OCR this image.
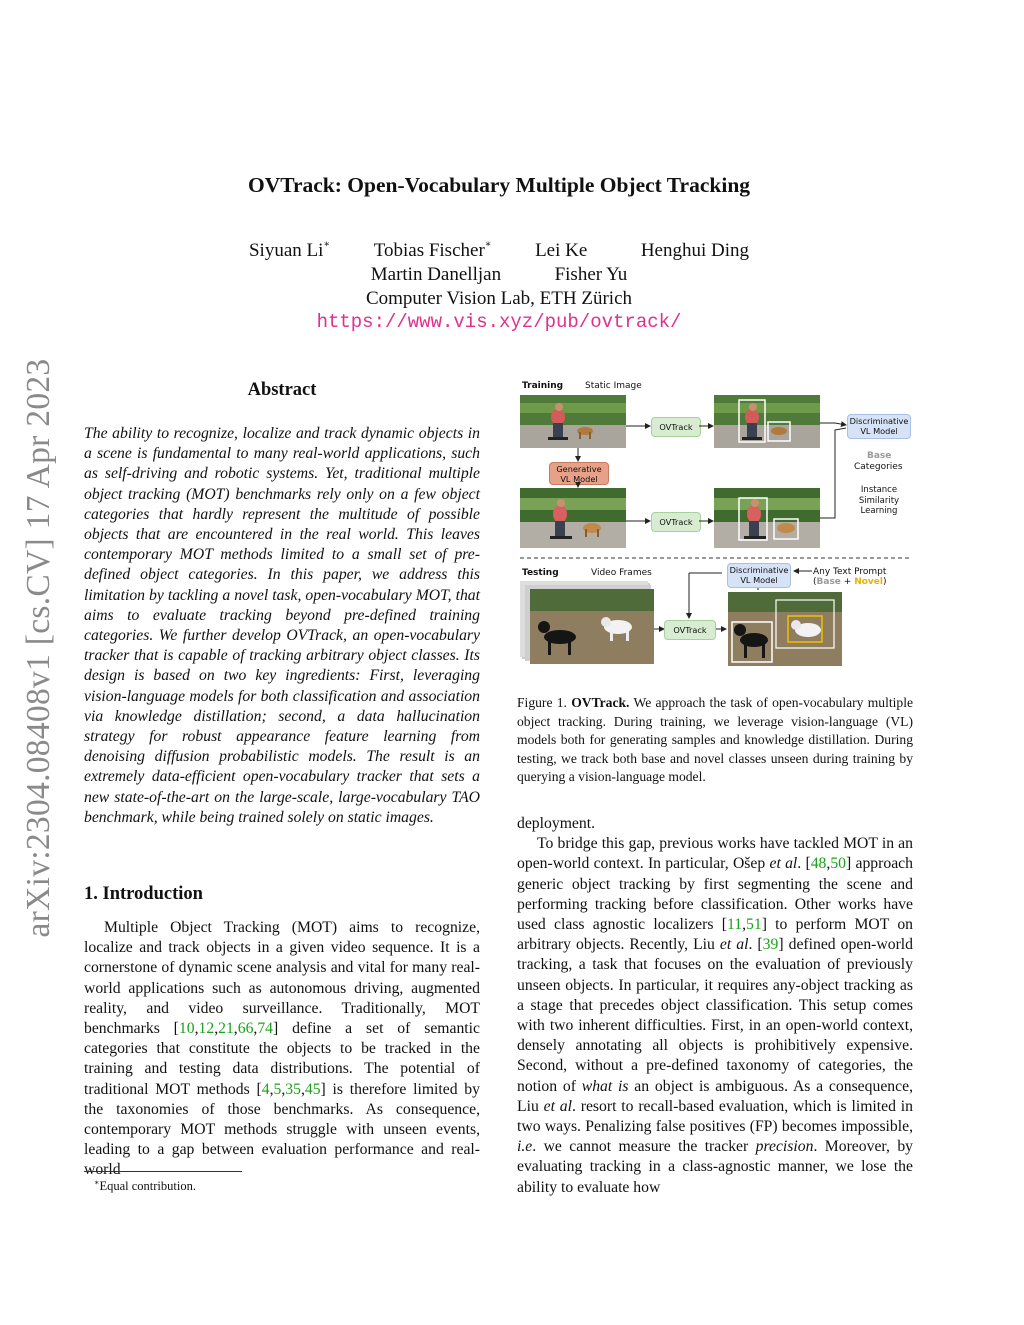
arXiv:2304.08408v1 [cs.CV] 17 Apr 2023
OVTrack: Open-Vocabulary Multiple Object Tracking
Siyuan Li∗ Tobias Fischer∗ Lei Ke	Henghui Ding
Martin Danelljan	Fisher Yu
Computer Vision Lab, ETH Zürich
https://www.vis.xyz/pub/ovtrack/
Abstract
The ability to recognize, localize and track dynamic objects in a scene is fundamental to many real-world applications, such as self-driving and robotic systems. Yet, traditional multiple object tracking (MOT) benchmarks rely only on a few object categories that hardly represent the multitude of possible objects that are encountered in the real world. This leaves contemporary MOT methods limited to a small set of pre-defined object categories. In this paper, we address this limitation by tackling a novel task, open-vocabulary MOT, that aims to evaluate tracking beyond pre-defined training categories. We further develop OVTrack, an open-vocabulary tracker that is capable of tracking arbitrary object classes. Its design is based on two key ingredients: First, leveraging vision-language models for both classification and association via knowledge distillation; second, a data hallucination strategy for robust appearance feature learning from denoising diffusion probabilistic models. The result is an extremely data-efficient open-vocabulary tracker that sets a new state-of-the-art on the large-scale, large-vocabulary TAO benchmark, while being trained solely on static images.
1. Introduction
Multiple Object Tracking (MOT) aims to recognize, localize and track objects in a given video sequence. It is a cornerstone of dynamic scene analysis and vital for many real-world applications such as autonomous driving, augmented reality, and video surveillance. Traditionally, MOT benchmarks [10,12,21,66,74] define a set of semantic categories that constitute the objects to be tracked in the training and testing data distributions. The potential of traditional MOT methods [4,5,35,45] is therefore limited by the taxonomies of those benchmarks. As consequence, contemporary MOT methods struggle with unseen events, leading to a gap between evaluation performance and real-world
∗Equal contribution.
Training Static Image
OVTrack
OVTrack
Generative VL Model
Discriminative VL Model
Base
Categories
Instance Similarity Learning
Testing	Video Frames
OVTrack
Discriminative VL Model
Any Text Prompt
(Base + Novel)
Figure 1. OVTrack. We approach the task of open-vocabulary multiple object tracking. During training, we leverage vision-language (VL) models both for generating samples and knowledge distillation. During testing, we track both base and novel classes unseen during training by querying a vision-language model.
deployment.
To bridge this gap, previous works have tackled MOT in an open-world context. In particular, Ošep et al. [48,50] approach generic object tracking by first segmenting the scene and performing tracking before classification. Other works have used class agnostic localizers [11,51] to perform MOT on arbitrary objects. Recently, Liu et al. [39] defined open-world tracking, a task that focuses on the evaluation of previously unseen objects. In particular, it requires any-object tracking as a stage that precedes object classification. This setup comes with two inherent difficulties. First, in an open-world context, densely annotating all objects is prohibitively expensive. Second, without a pre-defined taxonomy of categories, the notion of what is an object is ambiguous. As a consequence, Liu et al. resort to recall-based evaluation, which is limited in two ways. Penalizing false positives (FP) becomes impossible, i.e. we cannot measure the tracker precision. Moreover, by evaluating tracking in a class-agnostic manner, we lose the ability to evaluate how
